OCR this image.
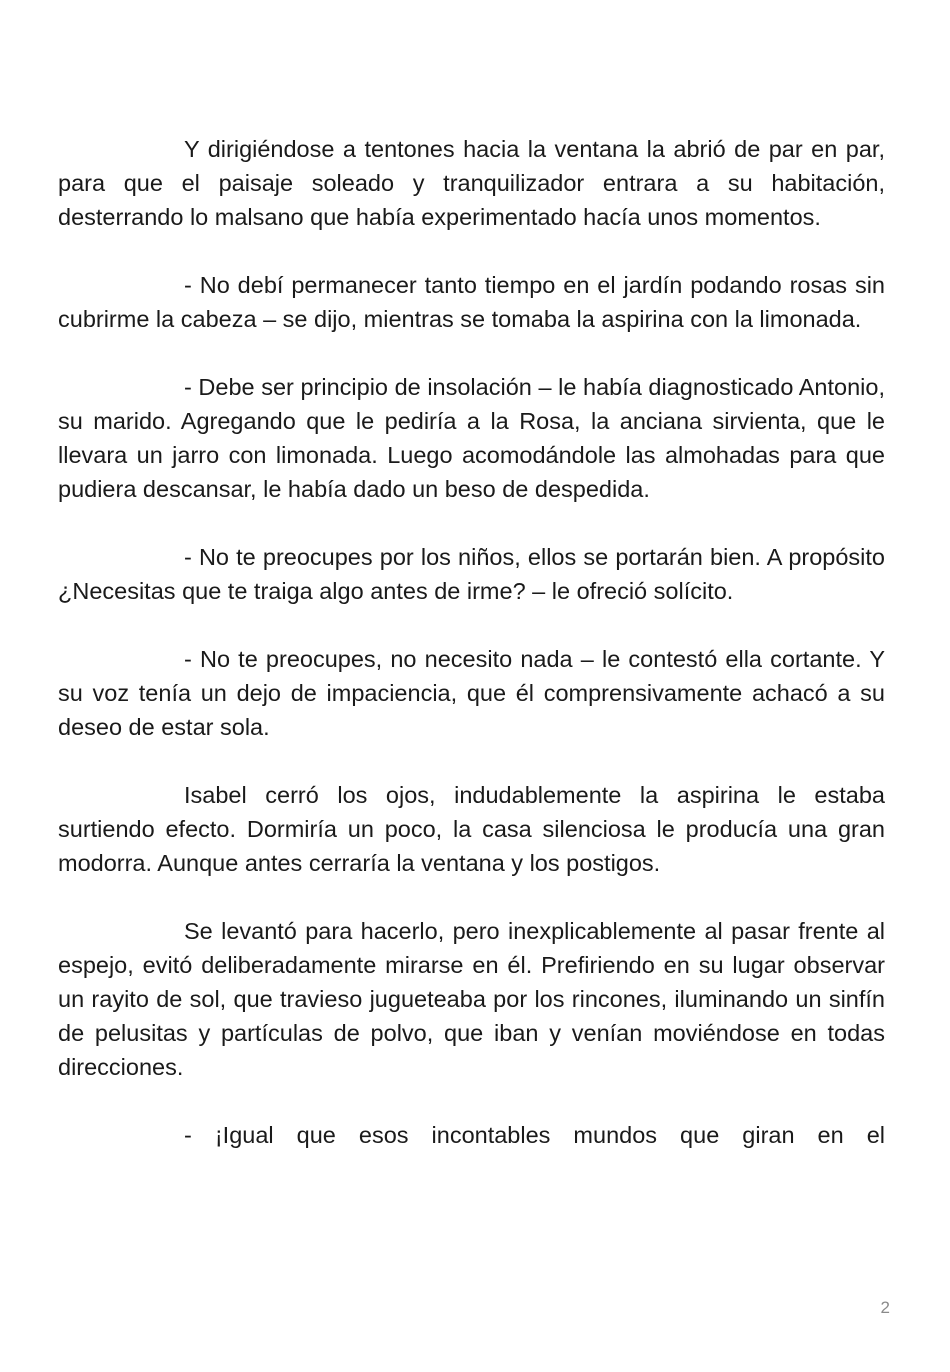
Y dirigiéndose a tentones hacia la ventana la abrió de par en par, para que el paisaje soleado y tranquilizador entrara a su habitación, desterrando lo malsano que había experimentado hacía unos momentos.

- No debí permanecer tanto tiempo en el jardín podando rosas sin cubrirme la cabeza – se dijo, mientras se tomaba la aspirina con la limonada.

- Debe ser principio de insolación – le había diagnosticado Antonio, su marido. Agregando que le pediría a la Rosa, la anciana sirvienta, que le llevara un jarro con limonada. Luego acomodándole las almohadas para que pudiera descansar, le había dado un beso de despedida.

- No te preocupes por los niños, ellos se portarán bien. A propósito ¿Necesitas que te traiga algo antes de irme? – le ofreció solícito.

- No te preocupes, no necesito nada – le contestó ella cortante. Y su voz tenía un dejo de impaciencia, que él comprensivamente achacó a su deseo de estar sola.

Isabel cerró los ojos, indudablemente la aspirina le estaba surtiendo efecto. Dormiría un poco, la casa silenciosa le producía una gran modorra. Aunque antes cerraría la ventana y los postigos.

Se levantó para hacerlo, pero inexplicablemente al pasar frente al espejo, evitó deliberadamente mirarse en él. Prefiriendo en su lugar observar un rayito de sol, que travieso jugueteaba por los rincones, iluminando un sinfín de pelusitas y partículas de polvo, que iban y venían moviéndose en todas direcciones.

- ¡Igual que esos incontables mundos que giran en el

2
